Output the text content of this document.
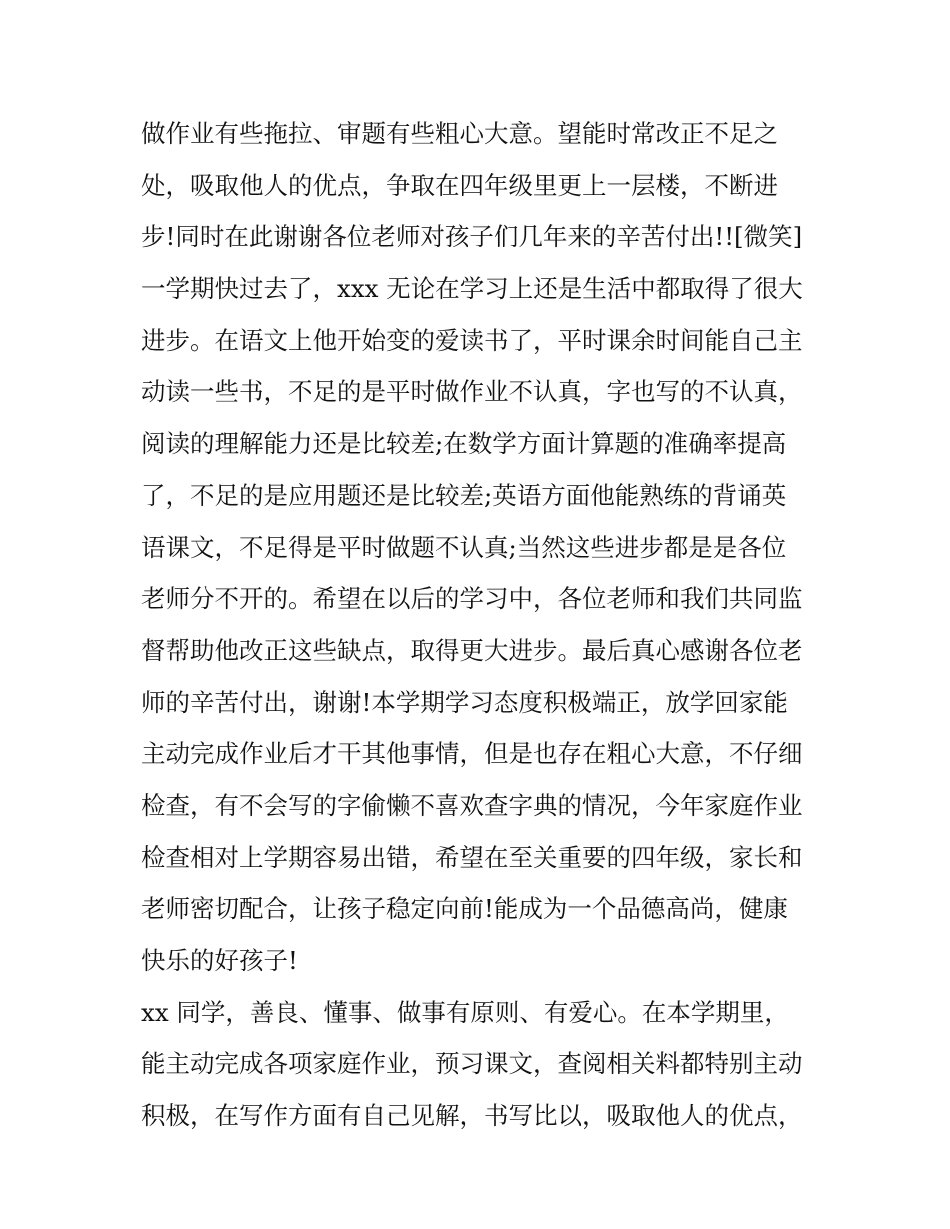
做作业有些拖拉、审题有些粗心大意。望能时常改正不足之
处，吸取他人的优点，争取在四年级里更上一层楼，不断进
步!同时在此谢谢各位老师对孩子们几年来的辛苦付出!![微笑]
一学期快过去了，xxx 无论在学习上还是生活中都取得了很大
进步。在语文上他开始变的爱读书了，平时课余时间能自己主
动读一些书，不足的是平时做作业不认真，字也写的不认真，
阅读的理解能力还是比较差;在数学方面计算题的准确率提高
了，不足的是应用题还是比较差;英语方面他能熟练的背诵英
语课文，不足得是平时做题不认真;当然这些进步都是是各位
老师分不开的。希望在以后的学习中，各位老师和我们共同监
督帮助他改正这些缺点，取得更大进步。最后真心感谢各位老
师的辛苦付出，谢谢!本学期学习态度积极端正，放学回家能
主动完成作业后才干其他事情，但是也存在粗心大意，不仔细
检查，有不会写的字偷懒不喜欢查字典的情况，今年家庭作业
检查相对上学期容易出错，希望在至关重要的四年级，家长和
老师密切配合，让孩子稳定向前!能成为一个品德高尚，健康
快乐的好孩子!
xx 同学，善良、懂事、做事有原则、有爱心。在本学期里，
能主动完成各项家庭作业，预习课文，查阅相关料都特别主动
积极，在写作方面有自己见解，书写比以，吸取他人的优点，
